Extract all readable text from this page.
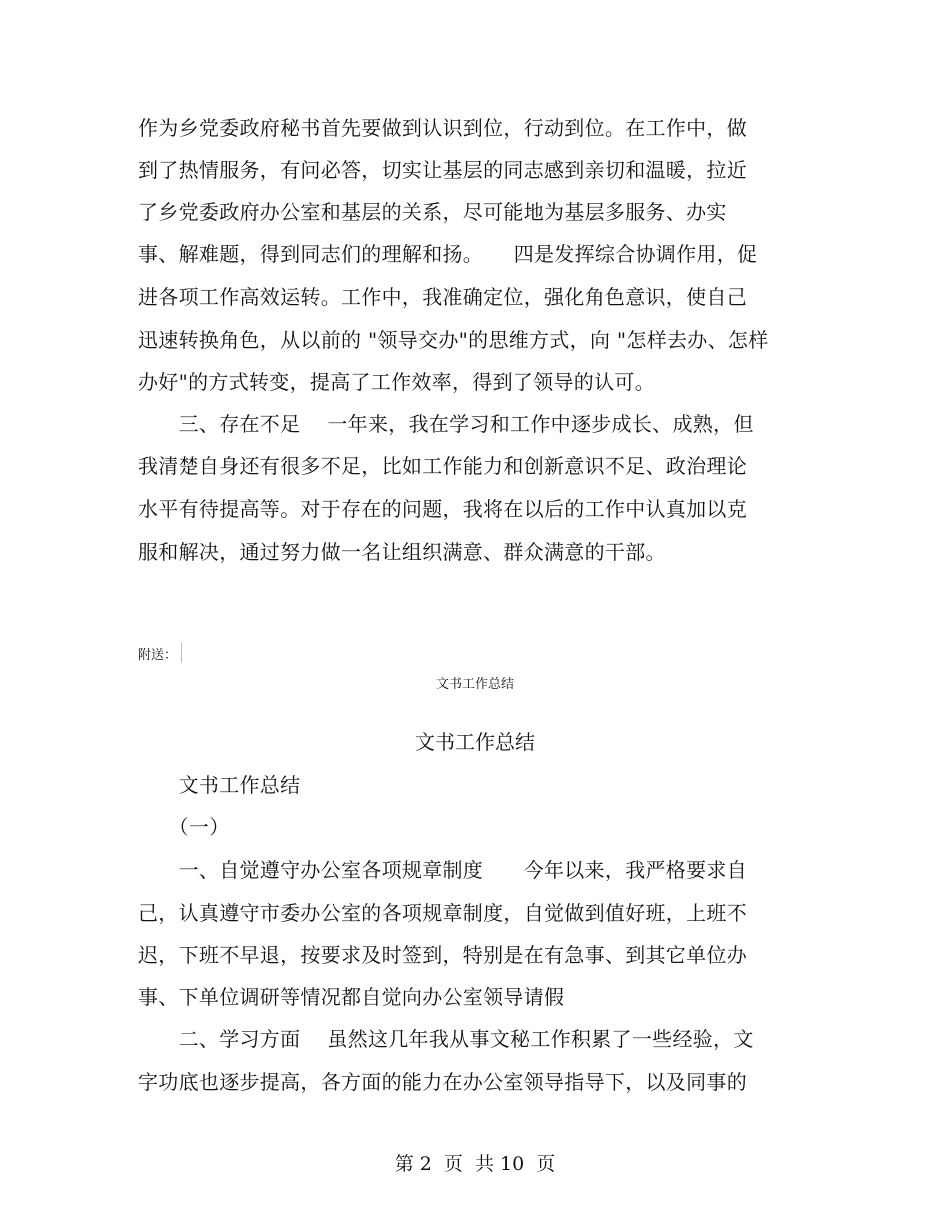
作为乡党委政府秘书首先要做到认识到位，行动到位。在工作中，做
到了热情服务，有问必答，切实让基层的同志感到亲切和温暖，拉近
了乡党委政府办公室和基层的关系，尽可能地为基层多服务、办实
事、解难题，得到同志们的理解和扬。　　四是发挥综合协调作用，促
进各项工作高效运转。工作中，我准确定位，强化角色意识，使自己
迅速转换角色，从以前的 "领导交办"的思维方式，向 "怎样去办、怎样
办好"的方式转变，提高了工作效率，得到了领导的认可。
　　三、存在不足　 一年来，我在学习和工作中逐步成长、成熟，但
我清楚自身还有很多不足，比如工作能力和创新意识不足、政治理论
水平有待提高等。对于存在的问题，我将在以后的工作中认真加以克
服和解决，通过努力做一名让组织满意、群众满意的干部。
附送：
文书工作总结
文书工作总结
　　文书工作总结
　　（一）
　　一、自觉遵守办公室各项规章制度　　今年以来，我严格要求自
己，认真遵守市委办公室的各项规章制度，自觉做到值好班，上班不
迟，下班不早退，按要求及时签到，特别是在有急事、到其它单位办
事、下单位调研等情况都自觉向办公室领导请假
　　二、学习方面　 虽然这几年我从事文秘工作积累了一些经验，文
字功底也逐步提高，各方面的能力在办公室领导指导下，以及同事的
第 2  页  共 10  页
